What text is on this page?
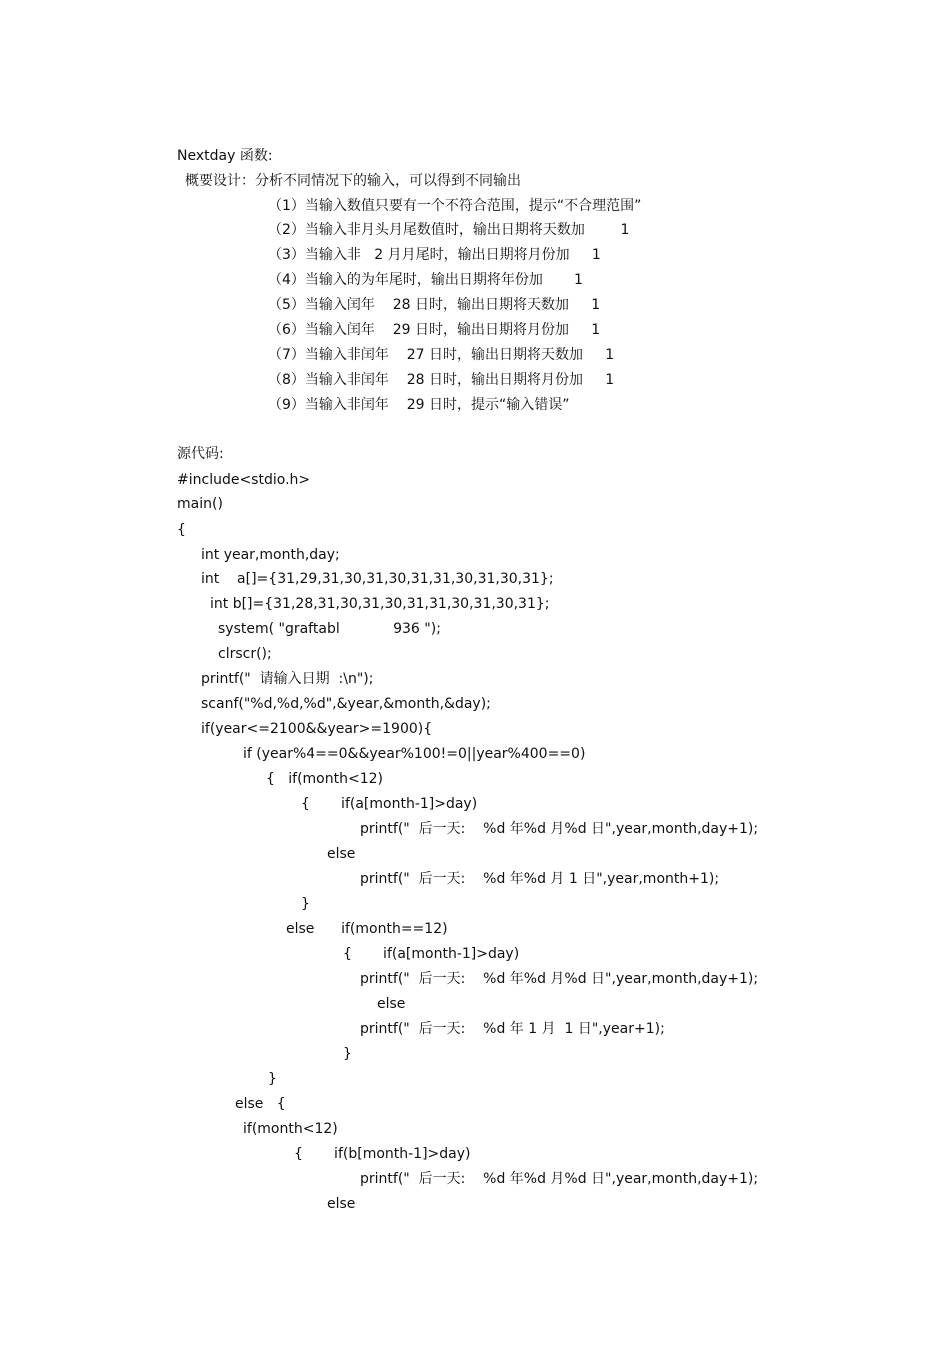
Nextday 函数:
概要设计：分析不同情况下的输入，可以得到不同输出
（1）当输入数值只要有一个不符合范围，提示“不合理范围”
（2）当输入非月头月尾数值时，输出日期将天数加        1
（3）当输入非   2 月月尾时，输出日期将月份加     1
（4）当输入的为年尾时，输出日期将年份加       1
（5）当输入闰年    28 日时，输出日期将天数加     1
（6）当输入闰年    29 日时，输出日期将月份加     1
（7）当输入非闰年    27 日时，输出日期将天数加     1
（8）当输入非闰年    28 日时，输出日期将月份加     1
（9）当输入非闰年    29 日时，提示“输入错误”
源代码:
#include<stdio.h>
main()
{
int year,month,day;
int    a[]={31,29,31,30,31,30,31,31,30,31,30,31};
int b[]={31,28,31,30,31,30,31,31,30,31,30,31};
system( "graftabl            936 ");
clrscr();
printf("  请输入日期  :\n");
scanf("%d,%d,%d",&year,&month,&day);
if(year<=2100&&year>=1900){
if (year%4==0&&year%100!=0||year%400==0)
{   if(month<12)
{       if(a[month-1]>day)
printf("  后一天:    %d 年%d 月%d 日",year,month,day+1);
else
printf("  后一天:    %d 年%d 月 1 日",year,month+1);
}
else      if(month==12)
{       if(a[month-1]>day)
printf("  后一天:    %d 年%d 月%d 日",year,month,day+1);
else
printf("  后一天:    %d 年 1 月  1 日",year+1);
}
}
else   {
if(month<12)
{       if(b[month-1]>day)
printf("  后一天:    %d 年%d 月%d 日",year,month,day+1);
else
